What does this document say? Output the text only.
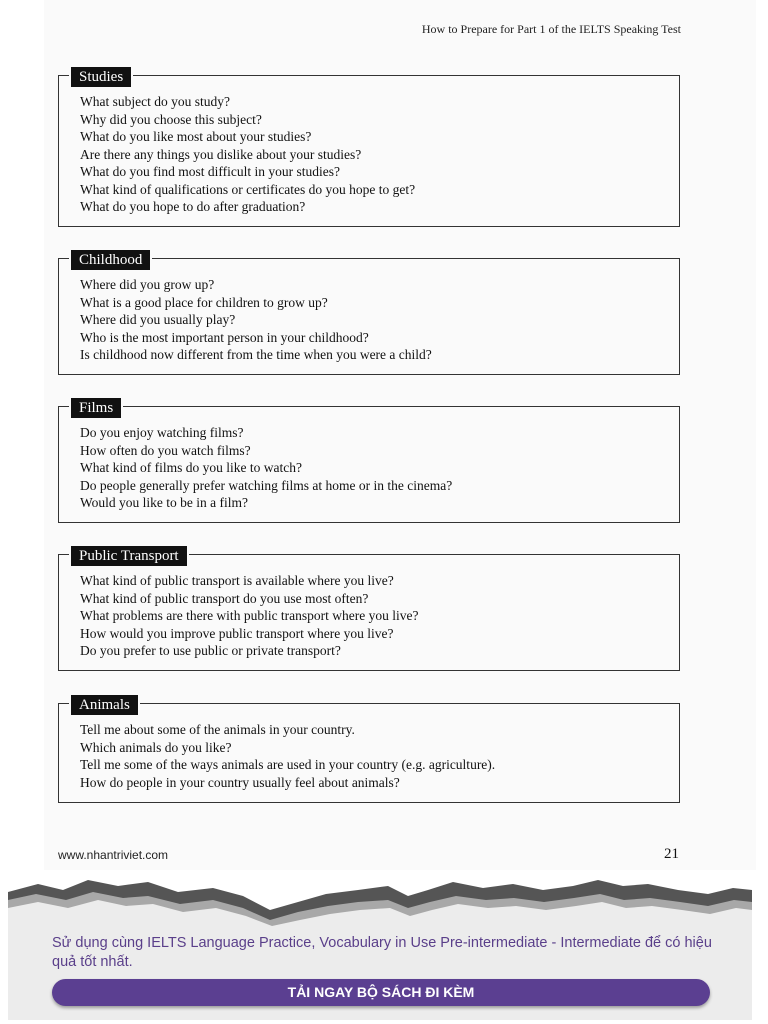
How to Prepare for Part 1 of the IELTS Speaking Test
Studies
What subject do you study?
Why did you choose this subject?
What do you like most about your studies?
Are there any things you dislike about your studies?
What do you find most difficult in your studies?
What kind of qualifications or certificates do you hope to get?
What do you hope to do after graduation?
Childhood
Where did you grow up?
What is a good place for children to grow up?
Where did you usually play?
Who is the most important person in your childhood?
Is childhood now different from the time when you were a child?
Films
Do you enjoy watching films?
How often do you watch films?
What kind of films do you like to watch?
Do people generally prefer watching films at home or in the cinema?
Would you like to be in a film?
Public Transport
What kind of public transport is available where you live?
What kind of public transport do you use most often?
What problems are there with public transport where you live?
How would you improve public transport where you live?
Do you prefer to use public or private transport?
Animals
Tell me about some of the animals in your country.
Which animals do you like?
Tell me some of the ways animals are used in your country (e.g. agriculture).
How do people in your country usually feel about animals?
www.nhantriviet.com	21
Sử dụng cùng IELTS Language Practice, Vocabulary in Use Pre-intermediate - Intermediate để có hiệu quả tốt nhất.
TẢI NGAY BỘ SÁCH ĐI KÈM
